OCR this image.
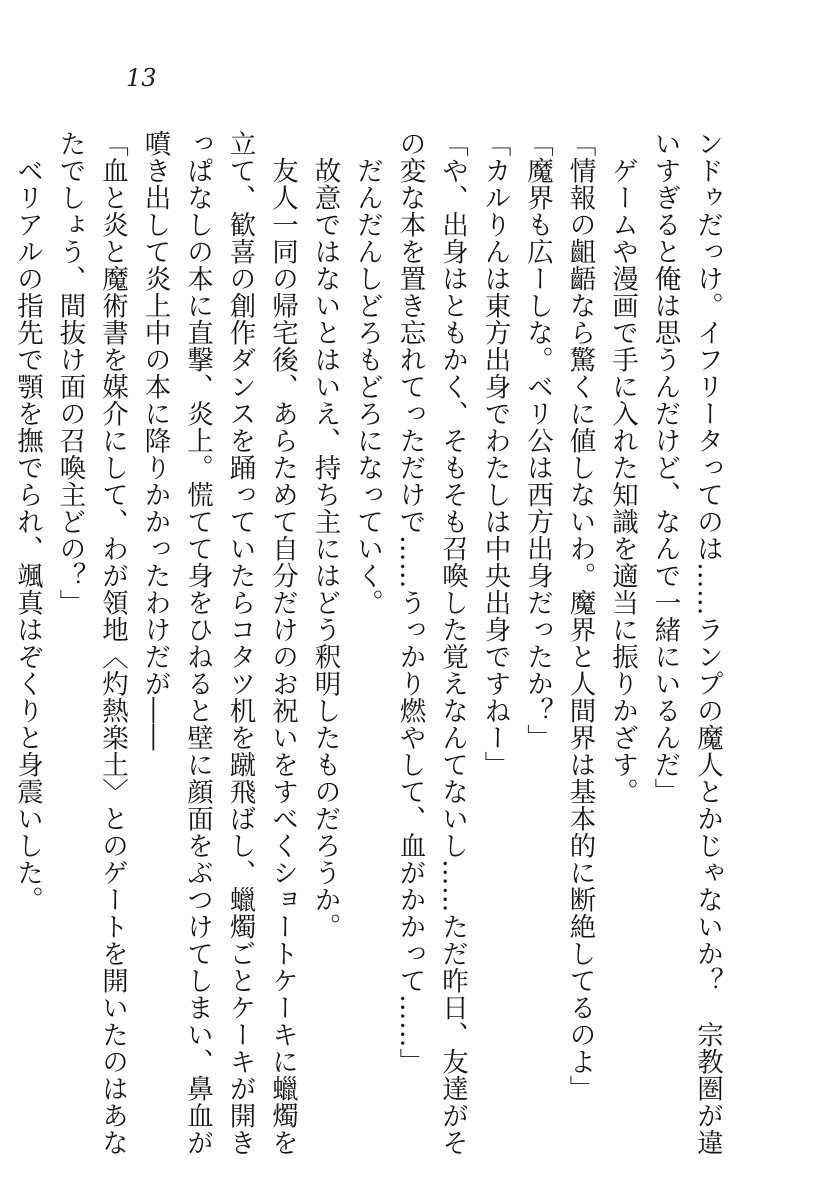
13
ンドゥだっけ。イフリータってのは……ランプの魔人とかじゃないか？　宗教圏が違
いすぎると俺は思うんだけど、なんで一緒にいるんだ」
　ゲームや漫画で手に入れた知識を適当に振りかざす。
「情報の齟齬なら驚くに値しないわ。魔界と人間界は基本的に断絶してるのよ」
「魔界も広ーしな。ベリ公は西方出身だったか？」
「カルりんは東方出身でわたしは中央出身ですねー」
「や、出身はともかく、そもそも召喚した覚えなんてないし……ただ昨日、友達がそ
の変な本を置き忘れてっただけで……うっかり燃やして、血がかかって……」
　だんだんしどろもどろになっていく。
　故意ではないとはいえ、持ち主にはどう釈明したものだろうか。
　友人一同の帰宅後、あらためて自分だけのお祝いをすべくショートケーキに蠟燭を
立て、歓喜の創作ダンスを踊っていたらコタツ机を蹴飛ばし、蠟燭ごとケーキが開き
っぱなしの本に直撃、炎上。慌てて身をひねると壁に顔面をぶつけてしまい、鼻血が
噴き出して炎上中の本に降りかかったわけだが――
「血と炎と魔術書を媒介にして、わが領地〈灼熱楽土〉とのゲートを開いたのはあな
たでしょう、間抜け面の召喚主どの？」
　ベリアルの指先で顎を撫でられ、颯真はぞくりと身震いした。
